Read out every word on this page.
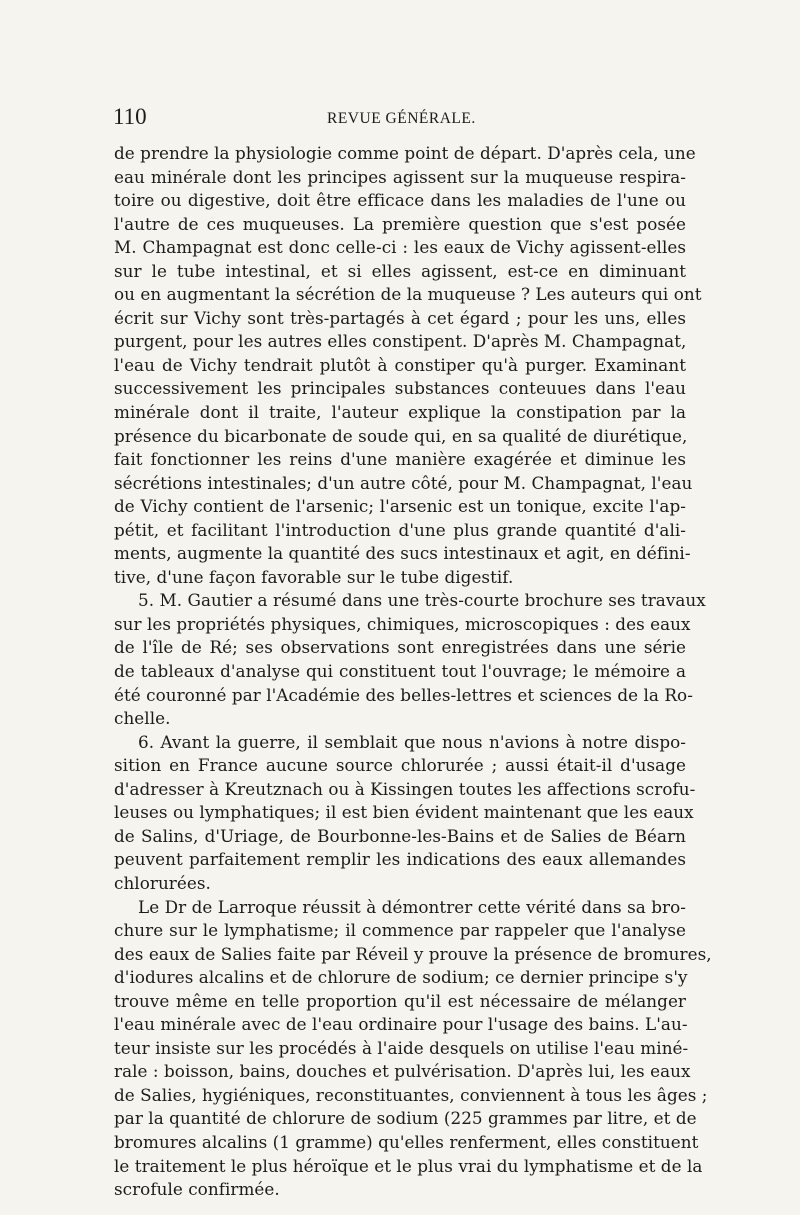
110	REVUE GÉNÉRALE.
de prendre la physiologie comme point de départ. D'après cela, une
eau minérale dont les principes agissent sur la muqueuse respira-
toire ou digestive, doit être efficace dans les maladies de l'une ou
l'autre de ces muqueuses. La première question que s'est posée
M. Champagnat est donc celle-ci : les eaux de Vichy agissent-elles
sur le tube intestinal, et si elles agissent, est-ce en diminuant
ou en augmentant la sécrétion de la muqueuse ? Les auteurs qui ont
écrit sur Vichy sont très-partagés à cet égard ; pour les uns, elles
purgent, pour les autres elles constipent. D'après M. Champagnat,
l'eau de Vichy tendrait plutôt à constiper qu'à purger. Examinant
successivement les principales substances conteuues dans l'eau
minérale dont il traite, l'auteur explique la constipation par la
présence du bicarbonate de soude qui, en sa qualité de diurétique,
fait fonctionner les reins d'une manière exagérée et diminue les
sécrétions intestinales; d'un autre côté, pour M. Champagnat, l'eau
de Vichy contient de l'arsenic; l'arsenic est un tonique, excite l'ap-
pétit, et facilitant l'introduction d'une plus grande quantité d'ali-
ments, augmente la quantité des sucs intestinaux et agit, en défini-
tive, d'une façon favorable sur le tube digestif.
5. M. Gautier a résumé dans une très-courte brochure ses travaux
sur les propriétés physiques, chimiques, microscopiques : des eaux
de l'île de Ré; ses observations sont enregistrées dans une série
de tableaux d'analyse qui constituent tout l'ouvrage; le mémoire a
été couronné par l'Académie des belles-lettres et sciences de la Ro-
chelle.
6. Avant la guerre, il semblait que nous n'avions à notre dispo-
sition en France aucune source chlorurée ; aussi était-il d'usage
d'adresser à Kreutznach ou à Kissingen toutes les affections scrofu-
leuses ou lymphatiques; il est bien évident maintenant que les eaux
de Salins, d'Uriage, de Bourbonne-les-Bains et de Salies de Béarn
peuvent parfaitement remplir les indications des eaux allemandes
chlorurées.
Le Dr de Larroque réussit à démontrer cette vérité dans sa bro-
chure sur le lymphatisme; il commence par rappeler que l'analyse
des eaux de Salies faite par Réveil y prouve la présence de bromures,
d'iodures alcalins et de chlorure de sodium; ce dernier principe s'y
trouve même en telle proportion qu'il est nécessaire de mélanger
l'eau minérale avec de l'eau ordinaire pour l'usage des bains. L'au-
teur insiste sur les procédés à l'aide desquels on utilise l'eau miné-
rale : boisson, bains, douches et pulvérisation. D'après lui, les eaux
de Salies, hygiéniques, reconstituantes, conviennent à tous les âges ;
par la quantité de chlorure de sodium (225 grammes par litre, et de
bromures alcalins (1 gramme) qu'elles renferment, elles constituent
le traitement le plus héroïque et le plus vrai du lymphatisme et de la
scrofule confirmée.
